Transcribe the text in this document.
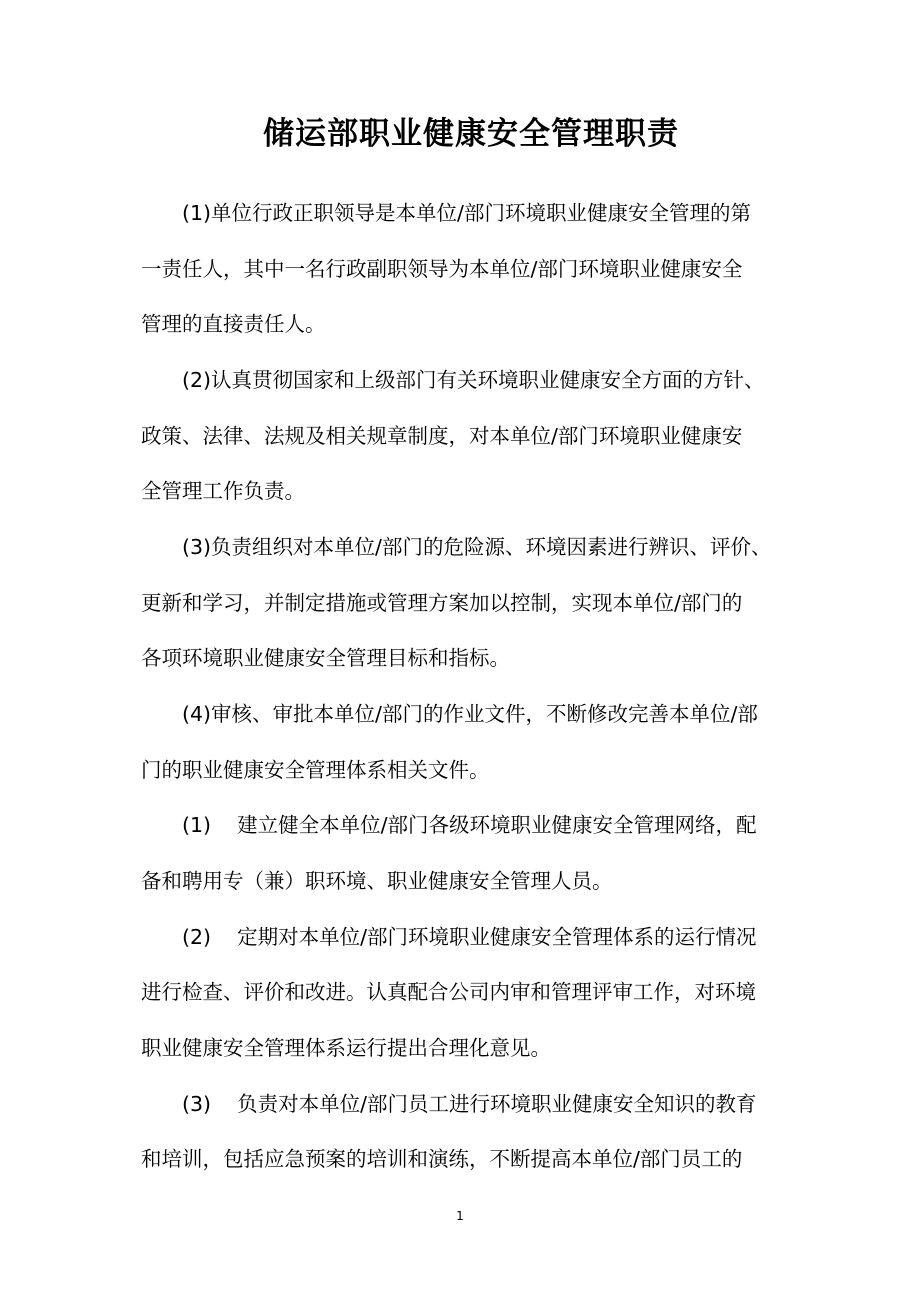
储运部职业健康安全管理职责
(1)单位行政正职领导是本单位/部门环境职业健康安全管理的第
一责任人，其中一名行政副职领导为本单位/部门环境职业健康安全
管理的直接责任人。
(2)认真贯彻国家和上级部门有关环境职业健康安全方面的方针、
政策、法律、法规及相关规章制度，对本单位/部门环境职业健康安
全管理工作负责。
(3)负责组织对本单位/部门的危险源、环境因素进行辨识、评价、
更新和学习，并制定措施或管理方案加以控制，实现本单位/部门的
各项环境职业健康安全管理目标和指标。
(4)审核、审批本单位/部门的作业文件，不断修改完善本单位/部
门的职业健康安全管理体系相关文件。
(1)    建立健全本单位/部门各级环境职业健康安全管理网络，配
备和聘用专（兼）职环境、职业健康安全管理人员。
(2)    定期对本单位/部门环境职业健康安全管理体系的运行情况
进行检查、评价和改进。认真配合公司内审和管理评审工作，对环境
职业健康安全管理体系运行提出合理化意见。
(3)    负责对本单位/部门员工进行环境职业健康安全知识的教育
和培训，包括应急预案的培训和演练，不断提高本单位/部门员工的
1
